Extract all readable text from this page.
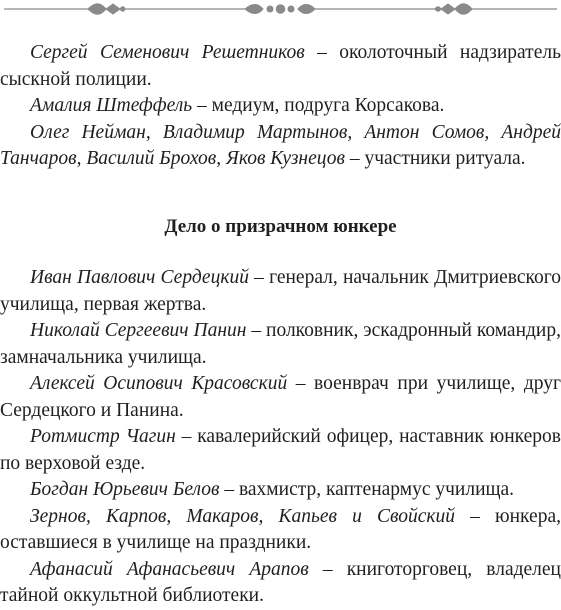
Сергей Семенович Решетников – околоточный надзиратель сыскной полиции.

Амалия Штеффель – медиум, подруга Корсакова.

Олег Нейман, Владимир Мартынов, Антон Сомов, Андрей Танчаров, Василий Брохов, Яков Кузнецов – участники ритуала.

Дело о призрачном юнкере

Иван Павлович Сердецкий – генерал, начальник Дмитриевского училища, первая жертва.

Николай Сергеевич Панин – полковник, эскадронный командир, замначальника училища.

Алексей Осипович Красовский – военврач при училище, друг Сердецкого и Панина.

Ротмистр Чагин – кавалерийский офицер, наставник юнкеров по верховой езде.

Богдан Юрьевич Белов – вахмистр, каптенармус училища.

Зернов, Карпов, Макаров, Капьев и Свойский – юнкера, оставшиеся в училище на праздники.

Афанасий Афанасьевич Арапов – книготорговец, владелец тайной оккультной библиотеки.
